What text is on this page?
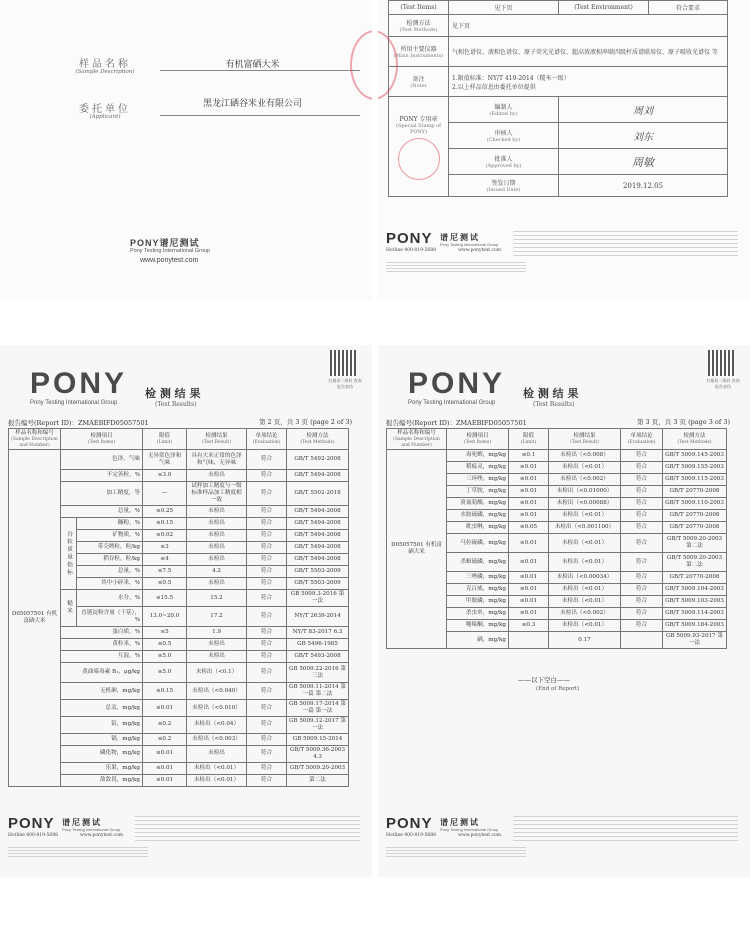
样品名称
(Sample Description)
有机富硒大米
委托单位
(Applicant)
黑龙江硒谷米业有限公司
PONY谱尼测试
Pony Testing International Group
www.ponytest.com
(Test Items)	见下页	(Test Environment)	符合要求
检测方法
(Test Methods)	见下页		
所用主要仪器
(Main Instruments)	气相色谱仪、液相色谱仪、原子荧光光谱仪、超高效液相串联四级杆质谱联用仪、原子吸收光谱仪 等		
备注
(Note)	1.限值标准：NY/T 419-2014（糙米一级）
2.以上样品信息由委托单位提供		
PONY 专用章
(Special Stamp of PONY)	编制人
(Edited by)	周刘	
	审核人
(Checked by)	刘东	
	批准人
(Approved by)	周敏	
	签发日期
(Issued Date)	2019.12.05	
PONY 谱尼测试
Pony Testing International Group
Hotline 400-819-5688	www.ponytest.com
PONY
Pony Testing International Group
检 测 结 果
(Test Results)
扫描看二维码 查询报告真伪
报告编号(Report ID)：ZMAEBIFD05057501	第 2 页，共 3 页 (page 2 of 3)
样品名称和编号
(Sample Description and Number)	检测项目
(Test Items)		限值
(Limit)	检测结果
(Test Result)	单项结论
(Evaluation)	检测方法
(Test Methods)

D05057501 有机富硒大米	色泽、气味		无异常色泽和气味	具有大米正常的色泽和气味，无异味	符合	GB/T 5492-2008
	不完善粒，%		≤3.0	未检出	符合	GB/T 5494-2008
	加工精度，等		—	试样加工精度与一级标准样品加工精度相一致	符合	GB/T 5502-2018
	总量，%		≤0.25	未检出	符合	GB/T 5494-2008
	谷粒质量指标	糠粉，%	≤0.15	未检出	符合	GB/T 5494-2008
		矿物质，%	≤0.02	未检出	符合	GB/T 5494-2008
		带壳稗粒，粒/kg	≤3	未检出	符合	GB/T 5494-2008
		稻谷粒，粒/kg	≤4	未检出	符合	GB/T 5494-2008
		总量，%	≤7.5	4.2	符合	GB/T 5503-2009
		其中小碎米，%	≤0.5	未检出	符合	GB/T 5503-2009
	糙米	水分，%	≤15.5	15.2	符合	GB 5009.3-2016 第一法
		直链淀粉含量（干基），%	13.0~20.0	17.2	符合	NY/T 2639-2014
	蛋白质，%		≤5	1.9	符合	NY/T 83-2017 6.3
	黄粒米，%		≤0.5	未检出	符合	GB 5496-1985
	互混，%		≤5.0	未检出	符合	GB/T 5493-2008
	黄曲霉毒素 B₁，μg/kg		≤5.0	未检出（<0.1）	符合	GB 5009.22-2016 第三法
	无机砷，mg/kg		≤0.15	未检出（<0.040）	符合	GB 5009.11-2014 第一篇 第二法
	总汞，mg/kg		≤0.01	未检出（<0.010）	符合	GB 5009.17-2014 第一篇 第一法
	铅，mg/kg		≤0.2	未检出（<0.04）	符合	GB 5009.12-2017 第一法
	镉，mg/kg		≤0.2	未检出（<0.003）	符合	GB 5009.15-2014
	磷化物，mg/kg		≤0.01	未检出	符合	GB/T 5009.36-2003 4.3
	乐果，mg/kg		≤0.01	未检出（<0.01）	符合	GB/T 5009.20-2003
	敌敌畏，mg/kg		≤0.01	未检出（<0.01）	符合	第二法
PONY 谱尼测试
Pony Testing International Group
Hotline 400-819-5688	www.ponytest.com
PONY
Pony Testing International Group
检 测 结 果
(Test Results)
扫描看二维码 查询报告真伪
报告编号(Report ID)：ZMAEBIFD05057501	第 3 页，共 3 页 (page 3 of 3)
样品名称和编号
(Sample Description and Number)	检测项目
(Test Items)	限值
(Limit)	检测结果
(Test Result)	单项结论
(Evaluation)	检测方法
(Test Methods)

D05057501 有机富硒大米	毒死蜱，mg/kg	≤0.1	未检出（<0.008）	符合	GB/T 5009.145-2003
	稻瘟灵，mg/kg	≤0.01	未检出（<0.01）	符合	GB/T 5009.155-2003
	三环唑，mg/kg	≤0.01	未检出（<0.002）	符合	GB/T 5009.115-2003
	丁草胺，mg/kg	≤0.01	未检出（<0.01000）	符合	GB/T 20770-2008
	溴氰菊酯，mg/kg	≤0.01	未检出（<0.00088）	符合	GB/T 5009.110-2003
	水胺硫磷，mg/kg	≤0.01	未检出（<0.01）	符合	GB/T 20770-2008
	吡虫啉，mg/kg	≤0.05	未检出（<0.001100）	符合	GB/T 20770-2008
	马拉硫磷，mg/kg	≤0.01	未检出（<0.01）	符合	GB/T 5009.20-2003 第二法
	杀螟硫磷，mg/kg	≤0.01	未检出（<0.01）	符合	GB/T 5009.20-2003 第二法
	三唑磷，mg/kg	≤0.01	未检出（<0.00034）	符合	GB/T 20770-2008
	克百威，mg/kg	≤0.01	未检出（<0.01）	符合	GB/T 5009.104-2003
	甲胺磷，mg/kg	≤0.01	未检出（<0.01）	符合	GB/T 5009.103-2003
	杀虫单，mg/kg	≤0.01	未检出（<0.002）	符合	GB/T 5009.114-2003
	噻嗪酮，mg/kg	≤0.3	未检出（<0.01）	符合	GB/T 5009.184-2003
	硒，mg/kg		0.17		GB 5009.93-2017 第一法
——以下空白——
(End of Report)
PONY 谱尼测试
Pony Testing International Group
Hotline 400-819-5688	www.ponytest.com
